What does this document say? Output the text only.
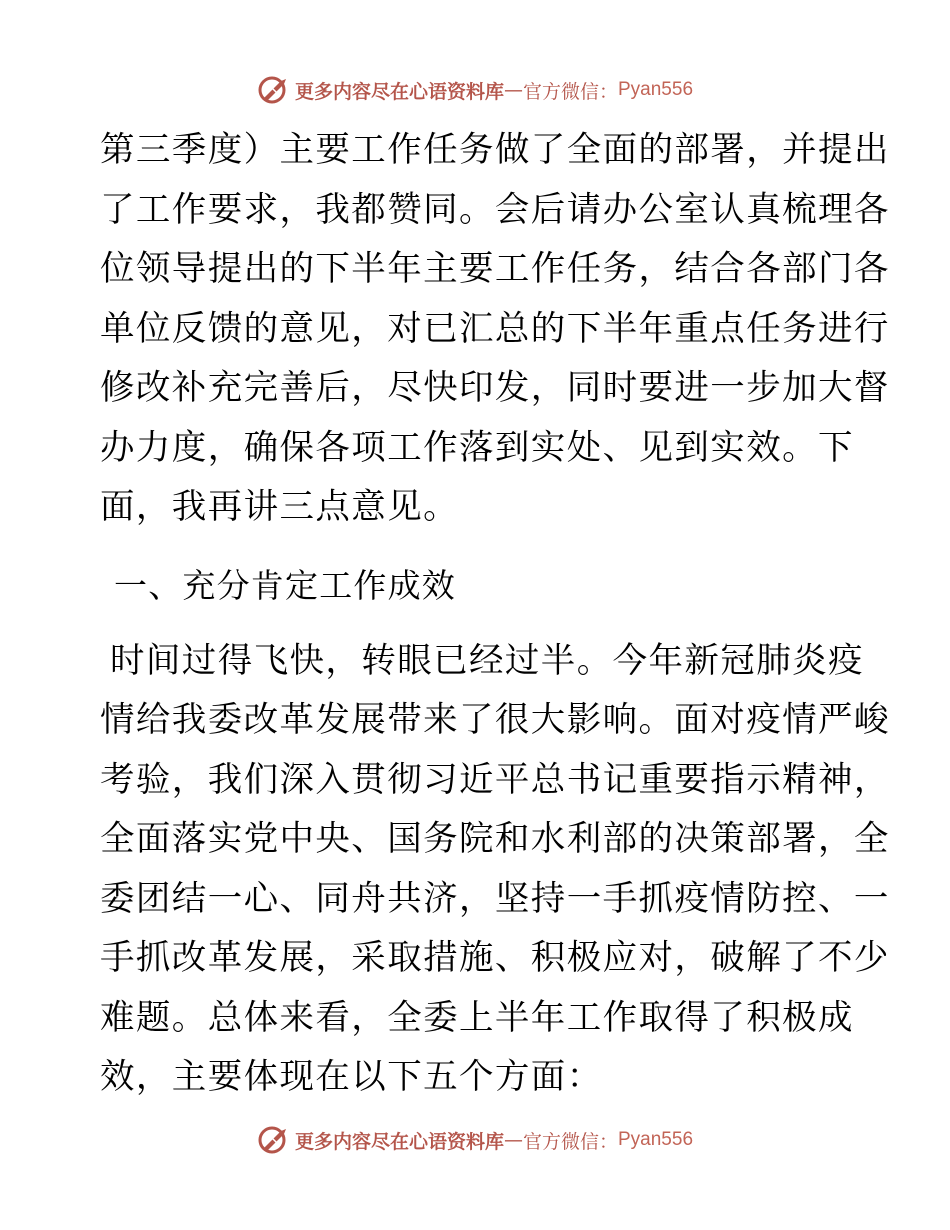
更多内容尽在心语资料库 — 官方微信： Pyan556
第三季度）主要工作任务做了全面的部署，并提出
了工作要求，我都赞同。会后请办公室认真梳理各
位领导提出的下半年主要工作任务，结合各部门各
单位反馈的意见，对已汇总的下半年重点任务进行
修改补充完善后，尽快印发，同时要进一步加大督
办力度，确保各项工作落到实处、见到实效。下
面，我再讲三点意见。
一、充分肯定工作成效
时间过得飞快，转眼已经过半。今年新冠肺炎疫
情给我委改革发展带来了很大影响。面对疫情严峻
考验，我们深入贯彻习近平总书记重要指示精神，
全面落实党中央、国务院和水利部的决策部署，全
委团结一心、同舟共济，坚持一手抓疫情防控、一
手抓改革发展，采取措施、积极应对，破解了不少
难题。总体来看，全委上半年工作取得了积极成
效，主要体现在以下五个方面：
更多内容尽在心语资料库 — 官方微信： Pyan556
